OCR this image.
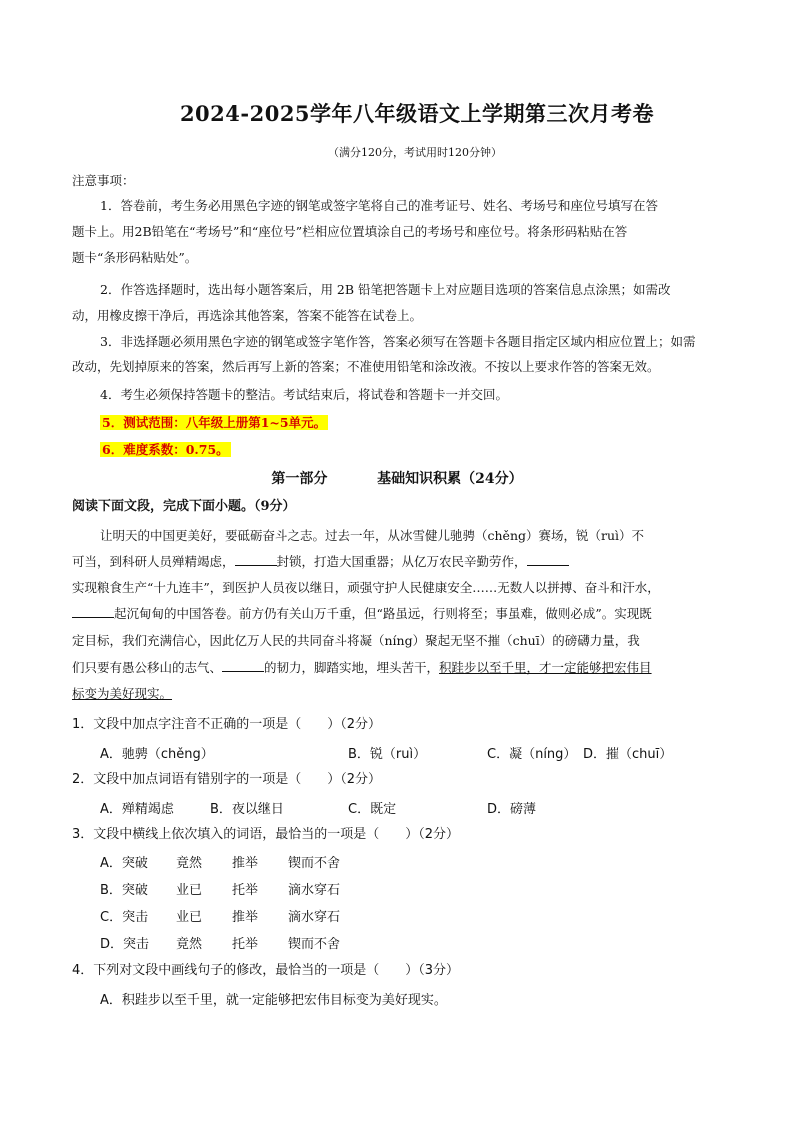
2024-2025学年八年级语文上学期第三次月考卷
（满分120分，考试用时120分钟）
注意事项：
1．答卷前，考生务必用黑色字迹的钢笔或签字笔将自己的准考证号、姓名、考场号和座位号填写在答
题卡上。用2B铅笔在“考场号”和“座位号”栏相应位置填涂自己的考场号和座位号。将条形码粘贴在答
题卡“条形码粘贴处”。
2．作答选择题时，选出每小题答案后，用 2B 铅笔把答题卡上对应题目选项的答案信息点涂黑；如需改
动，用橡皮擦干净后，再选涂其他答案，答案不能答在试卷上。
3．非选择题必须用黑色字迹的钢笔或签字笔作答，答案必须写在答题卡各题目指定区域内相应位置上；如需
改动，先划掉原来的答案，然后再写上新的答案；不准使用铅笔和涂改液。不按以上要求作答的答案无效。
4．考生必须保持答题卡的整洁。考试结束后，将试卷和答题卡一并交回。
5．测试范围：八年级上册第1~5单元。
6．难度系数：0.75。
第一部分	基础知识积累（24分）
阅读下面文段，完成下面小题。（9分）
让明天的中国更美好，要砥砺奋斗之志。过去一年，从冰雪健儿驰骋（chěng）赛场，锐（ruì）不
可当，到科研人员殚精竭虑，	封锁，打造大国重器；从亿万农民辛勤劳作，
实现粮食生产“十九连丰”，到医护人员夜以继日，顽强守护人民健康安全……无数人以拼搏、奋斗和汗水，
起沉甸甸的中国答卷。前方仍有关山万千重，但“路虽远，行则将至；事虽难，做则必成”。实现既
定目标，我们充满信心，因此亿万人民的共同奋斗将凝（níng）聚起无坚不摧（chuī）的磅礴力量，我
们只要有愚公移山的志气、	的韧力，脚踏实地，埋头苦干，积跬步以至千里，才一定能够把宏伟目
标变为美好现实。
1．文段中加点字注音不正确的一项是（　　）（2分）
A．驰骋（chěng）	B．锐（ruì）	C．凝（níng） D．摧（chuī）
2．文段中加点词语有错别字的一项是（　　）（2分）
A．殚精竭虑	B．夜以继日	C．既定	D．磅薄
3．文段中横线上依次填入的词语，最恰当的一项是（　　）（2分）
A．突破 竟然 推举 锲而不舍
B．突破 业已 托举 滴水穿石
C．突击 业已 推举 滴水穿石
D．突击 竟然 托举 锲而不舍
4．下列对文段中画线句子的修改，最恰当的一项是（　　）（3分）
A．积跬步以至千里，就一定能够把宏伟目标变为美好现实。
